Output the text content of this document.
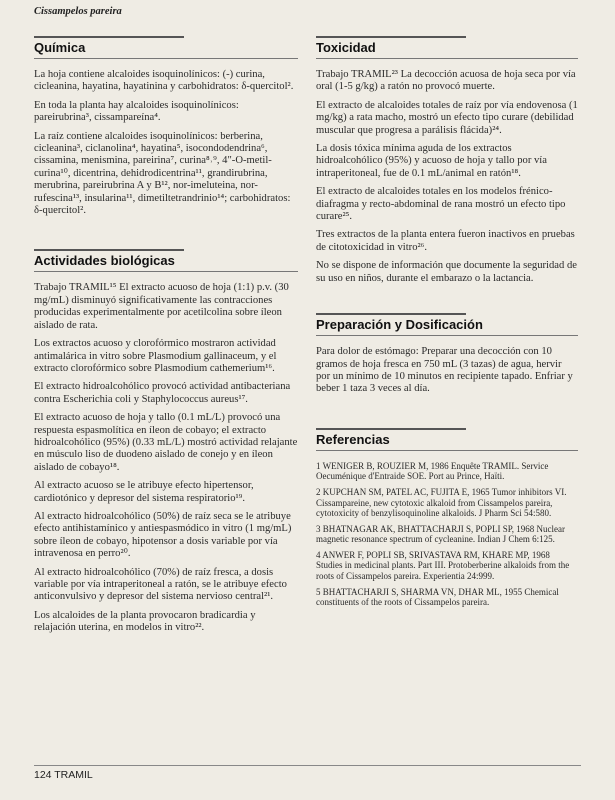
Cissampelos pareira
Química

La hoja contiene alcaloides isoquinolínicos: (-) curina, cicleanina, hayatina, hayatinina y carbohidratos: δ-quercitol².

En toda la planta hay alcaloides isoquinolínicos: pareirubrina³, cissampareína⁴.

La raíz contiene alcaloides isoquinolínicos: berberina, cicleanina³, ciclanolina⁴, hayatina⁵, isocondodendrina⁶, cissamina, menismina, pareirina⁷, curina⁸˒⁹, 4"-O-metil-curina¹⁰, dicentrina, dehidrodicentrina¹¹, grandirubrina, merubrina, pareirubrina A y B¹², nor-imeluteina, nor-rufescina¹³, insularina¹¹, dimetiltetrandrinio¹⁴; carbohidratos: δ-quercitol².

Actividades biológicas

Trabajo TRAMIL¹⁵ El extracto acuoso de hoja (1:1) p.v. (30 mg/mL) disminuyó significativamente las contracciones producidas experimentalmente por acetilcolina sobre íleon aislado de rata.

Los extractos acuoso y clorofórmico mostraron actividad antimalárica in vitro sobre Plasmodium gallinaceum, y el extracto clorofórmico sobre Plasmodium cathemerium¹⁶.

El extracto hidroalcohólico provocó actividad antibacteriana contra Escherichia coli y Staphylococcus aureus¹⁷.

El extracto acuoso de hoja y tallo (0.1 mL/L) provocó una respuesta espasmolítica en íleon de cobayo; el extracto hidroalcohólico (95%) (0.33 mL/L) mostró actividad relajante en músculo liso de duodeno aislado de conejo y en íleon aislado de cobayo¹⁸.

Al extracto acuoso se le atribuye efecto hipertensor, cardiotónico y depresor del sistema respiratorio¹⁹.

Al extracto hidroalcohólico (50%) de raíz seca se le atribuye efecto antihistamínico y antiespasmódico in vitro (1 mg/mL) sobre íleon de cobayo, hipotensor a dosis variable por vía intravenosa en perro²⁰.

Al extracto hidroalcohólico (70%) de raíz fresca, a dosis variable por vía intraperitoneal a ratón, se le atribuye efecto anticonvulsivo y depresor del sistema nervioso central²¹.

Los alcaloides de la planta provocaron bradicardia y relajación uterina, en modelos in vitro²².

Toxicidad

Trabajo TRAMIL²³ La decocción acuosa de hoja seca por vía oral (1-5 g/kg) a ratón no provocó muerte.

El extracto de alcaloides totales de raíz por vía endovenosa (1 mg/kg) a rata macho, mostró un efecto tipo curare (debilidad muscular que progresa a parálisis flácida)²⁴.

La dosis tóxica mínima aguda de los extractos hidroalcohólico (95%) y acuoso de hoja y tallo por vía intraperitoneal, fue de 0.1 mL/animal en ratón¹⁸.

El extracto de alcaloides totales en los modelos frénico-diafragma y recto-abdominal de rana mostró un efecto tipo curare²⁵.

Tres extractos de la planta entera fueron inactivos en pruebas de citotoxicidad in vitro²⁶.

No se dispone de información que documente la seguridad de su uso en niños, durante el embarazo o la lactancia.

Preparación y Dosificación

Para dolor de estómago: Preparar una decocción con 10 gramos de hoja fresca en 750 mL (3 tazas) de agua, hervir por un mínimo de 10 minutos en recipiente tapado. Enfriar y beber 1 taza 3 veces al día.

Referencias

1 WENIGER B, ROUZIER M, 1986 Enquête TRAMIL. Service Oecuménique d'Entraide SOE. Port au Prince, Haïti.

2 KUPCHAN SM, PATEL AC, FUJITA E, 1965 Tumor inhibitors VI. Cissampareine, new cytotoxic alkaloid from Cissampelos pareira, cytotoxicity of benzylisoquinoline alkaloids. J Pharm Sci 54:580.

3 BHATNAGAR AK, BHATTACHARJI S, POPLI SP, 1968 Nuclear magnetic resonance spectrum of cycleanine. Indian J Chem 6:125.

4 ANWER F, POPLI SB, SRIVASTAVA RM, KHARE MP, 1968 Studies in medicinal plants. Part III. Protoberberine alkaloids from the roots of Cissampelos pareira. Experientia 24:999.

5 BHATTACHARJI S, SHARMA VN, DHAR ML, 1955 Chemical constituents of the roots of Cissampelos pareira.

124 TRAMIL
